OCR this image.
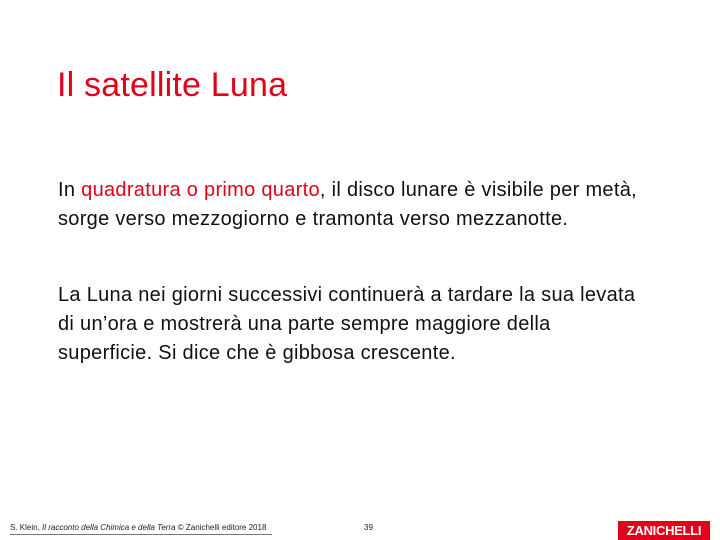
Il satellite Luna

In quadratura o primo quarto, il disco lunare è visibile per metà, sorge verso mezzogiorno e tramonta verso mezzanotte.

La Luna nei giorni successivi continuerà a tardare la sua levata di un’ora e mostrerà una parte sempre maggiore della superficie. Si dice che è gibbosa crescente.

S. Klein, Il racconto della Chimica e della Terra © Zanichelli editore 2018	39	ZANICHELLI
